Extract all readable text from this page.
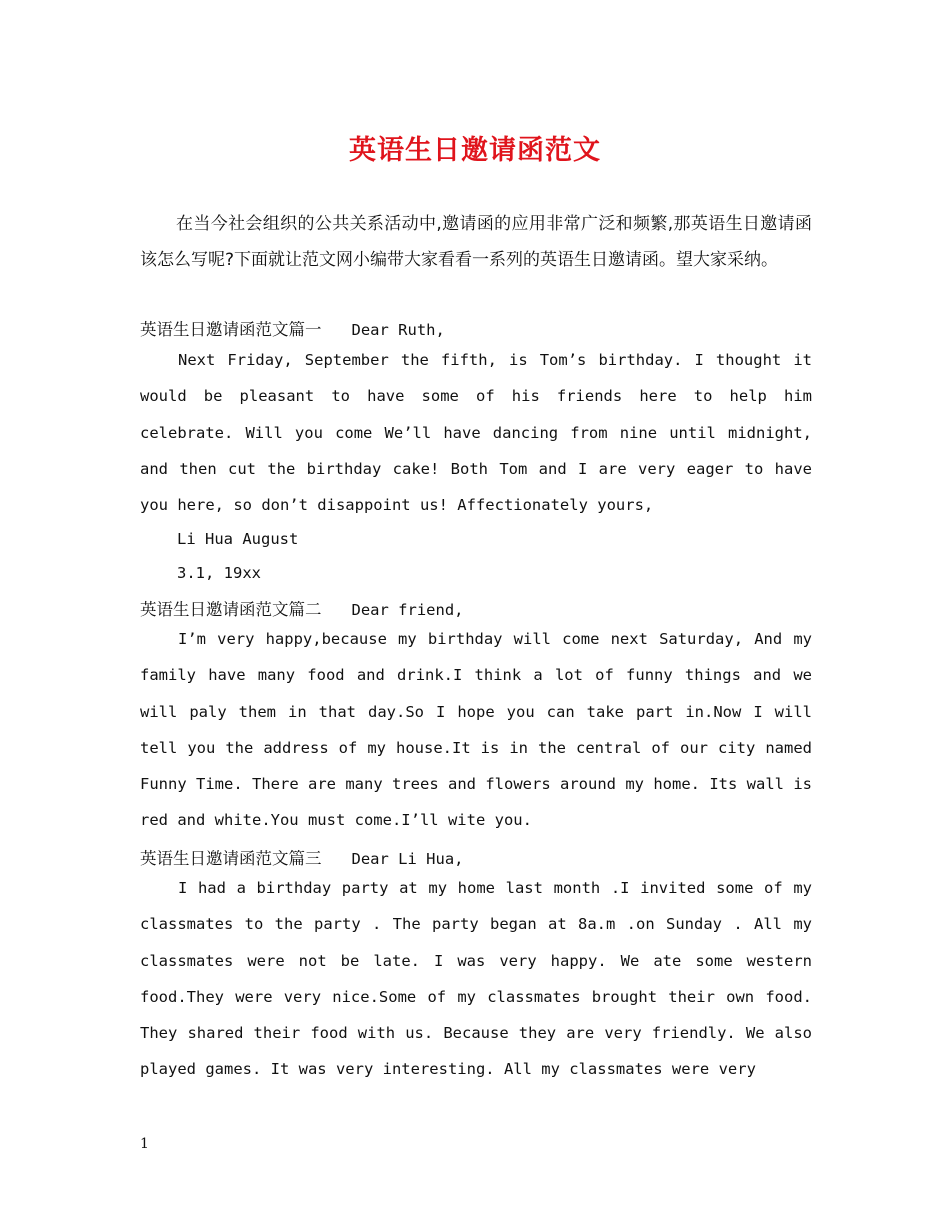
英语生日邀请函范文
在当今社会组织的公共关系活动中,邀请函的应用非常广泛和频繁,那英语生日邀请函该怎么写呢?下面就让范文网小编带大家看看一系列的英语生日邀请函。望大家采纳。
英语生日邀请函范文篇一 Dear Ruth,
Next Friday, September the fifth, is Tom’s birthday. I thought it would be pleasant to have some of his friends here to help him celebrate. Will you come We’ll have dancing from nine until midnight, and then cut the birthday cake! Both Tom and I are very eager to have you here, so don’t disappoint us! Affectionately yours,
Li Hua August
3.1, 19xx
英语生日邀请函范文篇二 Dear friend,
I’m very happy,because my birthday will come next Saturday, And my family have many food and drink.I think a lot of funny things and we will paly them in that day.So I hope you can take part in.Now I will tell you the address of my house.It is in the central of our city named Funny Time. There are many trees and flowers around my home. Its wall is red and white.You must come.I’ll wite you.
英语生日邀请函范文篇三 Dear Li Hua,
I had a birthday party at my home last month .I invited some of my classmates to the party . The party began at 8a.m .on Sunday . All my classmates were not be late. I was very happy. We ate some western food.They were very nice.Some of my classmates brought their own food. They shared their food with us. Because they are very friendly. We also played games. It was very interesting. All my classmates were very
1
